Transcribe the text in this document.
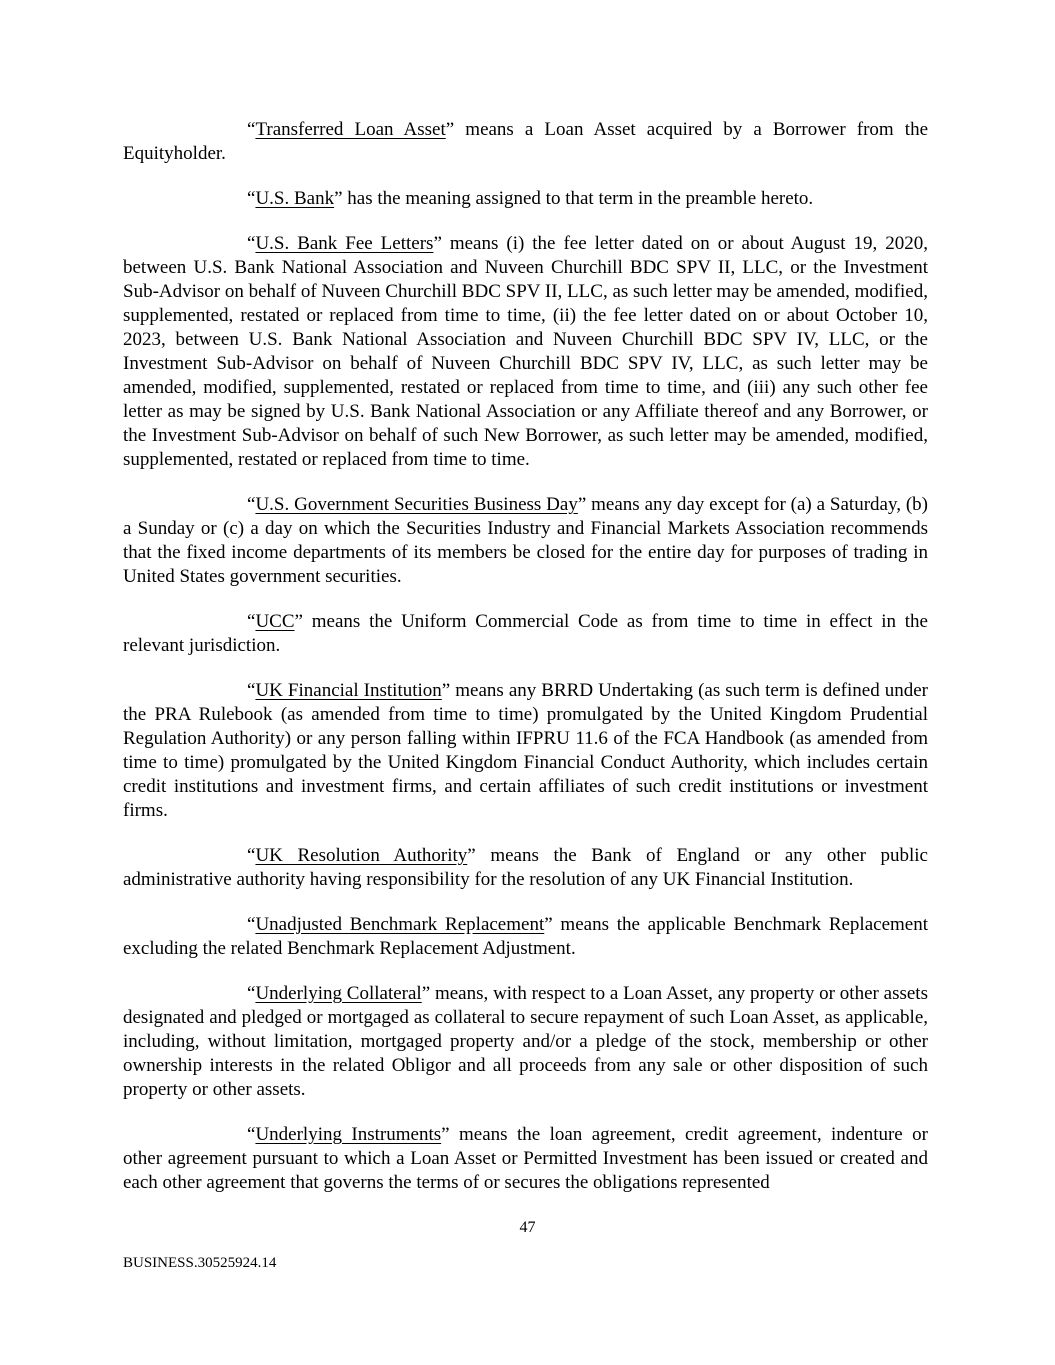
“Transferred Loan Asset” means a Loan Asset acquired by a Borrower from the Equityholder.

“U.S. Bank” has the meaning assigned to that term in the preamble hereto.

“U.S. Bank Fee Letters” means (i) the fee letter dated on or about August 19, 2020, between U.S. Bank National Association and Nuveen Churchill BDC SPV II, LLC, or the Investment Sub-Advisor on behalf of Nuveen Churchill BDC SPV II, LLC, as such letter may be amended, modified, supplemented, restated or replaced from time to time, (ii) the fee letter dated on or about October 10, 2023, between U.S. Bank National Association and Nuveen Churchill BDC SPV IV, LLC, or the Investment Sub-Advisor on behalf of Nuveen Churchill BDC SPV IV, LLC, as such letter may be amended, modified, supplemented, restated or replaced from time to time, and (iii) any such other fee letter as may be signed by U.S. Bank National Association or any Affiliate thereof and any Borrower, or the Investment Sub-Advisor on behalf of such New Borrower, as such letter may be amended, modified, supplemented, restated or replaced from time to time.

“U.S. Government Securities Business Day” means any day except for (a) a Saturday, (b) a Sunday or (c) a day on which the Securities Industry and Financial Markets Association recommends that the fixed income departments of its members be closed for the entire day for purposes of trading in United States government securities.

“UCC” means the Uniform Commercial Code as from time to time in effect in the relevant jurisdiction.

“UK Financial Institution” means any BRRD Undertaking (as such term is defined under the PRA Rulebook (as amended from time to time) promulgated by the United Kingdom Prudential Regulation Authority) or any person falling within IFPRU 11.6 of the FCA Handbook (as amended from time to time) promulgated by the United Kingdom Financial Conduct Authority, which includes certain credit institutions and investment firms, and certain affiliates of such credit institutions or investment firms.

“UK Resolution Authority” means the Bank of England or any other public administrative authority having responsibility for the resolution of any UK Financial Institution.

“Unadjusted Benchmark Replacement” means the applicable Benchmark Replacement excluding the related Benchmark Replacement Adjustment.

“Underlying Collateral” means, with respect to a Loan Asset, any property or other assets designated and pledged or mortgaged as collateral to secure repayment of such Loan Asset, as applicable, including, without limitation, mortgaged property and/or a pledge of the stock, membership or other ownership interests in the related Obligor and all proceeds from any sale or other disposition of such property or other assets.

“Underlying Instruments” means the loan agreement, credit agreement, indenture or other agreement pursuant to which a Loan Asset or Permitted Investment has been issued or created and each other agreement that governs the terms of or secures the obligations represented

47
BUSINESS.30525924.14
